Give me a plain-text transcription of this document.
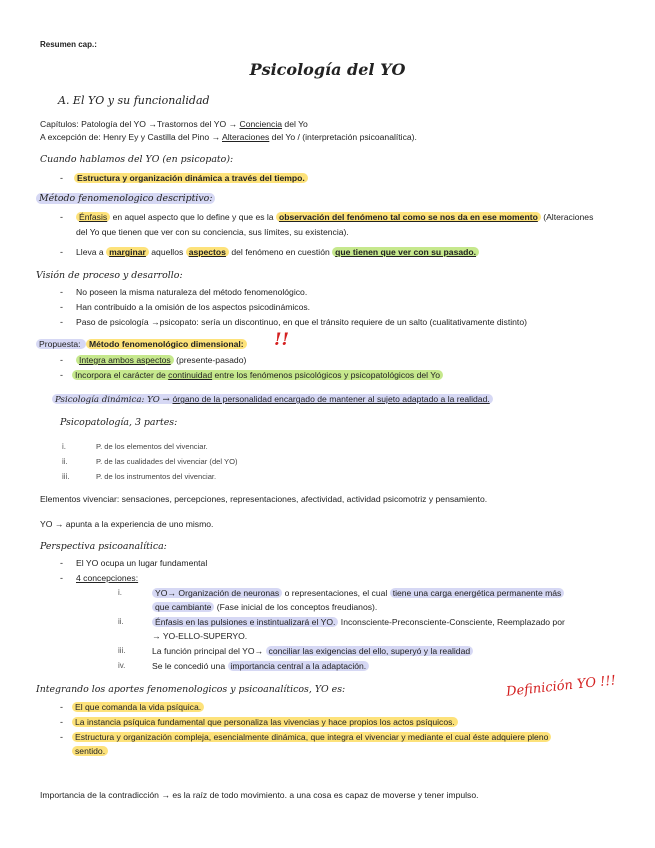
Resumen cap.:
Psicología del YO
A. El YO y su funcionalidad
Capítulos: Patología del YO →Trastornos del YO → Conciencia del Yo
A excepción de: Henry Ey y Castilla del Pino → Alteraciones del Yo / (interpretación psicoanalítica).
Cuando hablamos del YO (en psicopato):
-	Estructura y organización dinámica a través del tiempo.
Método fenomenologico descriptivo:
-	Énfasis en aquel aspecto que lo define y que es la observación del fenómeno tal como se nos da en ese momento (Alteraciones
del Yo que tienen que ver con su conciencia, sus límites, su existencia).
- Lleva a marginar aquellos aspectos del fenómeno en cuestión que tienen que ver con su pasado.
Visión de proceso y desarrollo:
- No poseen la misma naturaleza del método fenomenológico.
- Han contribuido a la omisión de los aspectos psicodinámicos.
- Paso de psicología →psicopato: sería un discontinuo, en que el tránsito requiere de un salto (cualitativamente distinto)
Propuesta: Método fenomenológico dimensional: !!
-	Integra ambos aspectos (presente-pasado)
-	Incorpora el carácter de continuidad entre los fenómenos psicológicos y psicopatológicos del Yo
Psicología dinámica: YO → órgano de la personalidad encargado de mantener al sujeto adaptado a la realidad.
Psicopatología, 3 partes:
i.	P. de los elementos del vivenciar.
ii.	P. de las cualidades del vivenciar (del YO)
iii.	P. de los instrumentos del vivenciar.
Elementos vivenciar: sensaciones, percepciones, representaciones, afectividad, actividad psicomotriz y pensamiento.
YO → apunta a la experiencia de uno mismo.
Perspectiva psicoanalítica:
- El YO ocupa un lugar fundamental
- 4 concepciones:
i.	YO→ Organización de neuronas o representaciones, el cual tiene una carga energética permanente más
que cambiante (Fase inicial de los conceptos freudianos).
ii.	Énfasis en las pulsiones e instintualizará el YO. Inconsciente-Preconsciente-Consciente, Reemplazado por
→ YO-ELLO-SUPERYO.
iii.	La función principal del YO→ conciliar las exigencias del ello, superyó y la realidad
iv.	Se le concedió una importancia central a la adaptación.
Integrando los aportes fenomenologicos y psicoanalíticos, YO es:
-	El que comanda la vida psíquica.
-	La instancia psíquica fundamental que personaliza las vivencias y hace propios los actos psíquicos.
-	Estructura y organización compleja, esencialmente dinámica, que integra el vivenciar y mediante el cual éste adquiere pleno
sentido.
Definición YO !!!
Importancia de la contradicción → es la raíz de todo movimiento. a una cosa es capaz de moverse y tener impulso.
